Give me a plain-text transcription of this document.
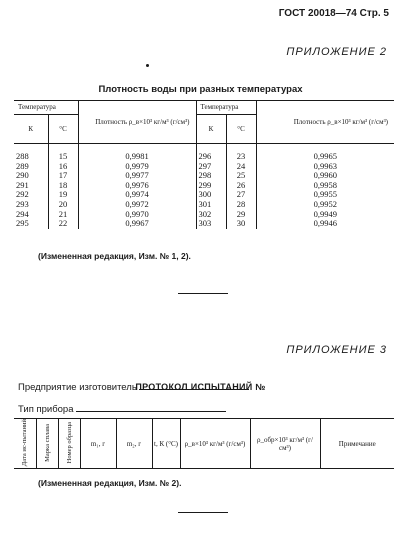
ГОСТ 20018—74 Стр. 5
ПРИЛОЖЕНИЕ 2
Плотность воды при разных температурах
Температура		Плотность ρ_в×10³ кг/м³ (г/см³)	Температура		Плотность ρ_в×10³ кг/м³ (г/см³)
К	°С		К	°С	

288	15	0,9981	296	23	0,9965
289	16	0,9979	297	24	0,9963
290	17	0,9977	298	25	0,9960
291	18	0,9976	299	26	0,9958
292	19	0,9974	300	27	0,9955
293	20	0,9972	301	28	0,9952
294	21	0,9970	302	29	0,9949
295	22	0,9967	303	30	0,9946
(Измененная редакция, Изм. № 1, 2).
ПРИЛОЖЕНИЕ 3
ПРОТОКОЛ ИСПЫТАНИЙ №
Предприятие изготовитель
Тип прибора
Дата ис-пытаний	Марка сплава	Номер образца	m₁, г	m₂, г	t, К (°С)	ρ_в×10³ кг/м³ (г/см³)	ρ_обр×10³ кг/м³ (г/см³)	Примечание
(Измененная редакция, Изм. № 2).
